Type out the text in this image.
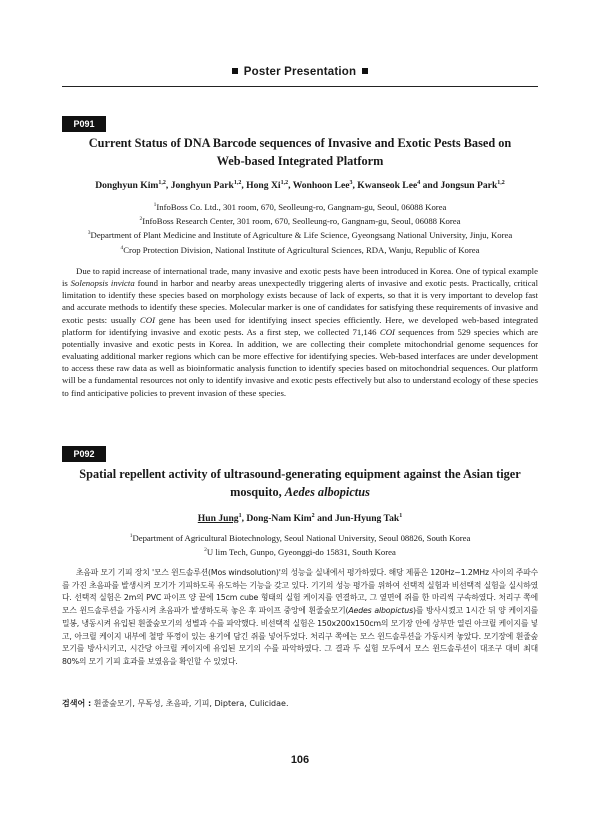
Poster Presentation
P091
Current Status of DNA Barcode sequences of Invasive and Exotic Pests Based on
Web-based Integrated Platform
Donghyun Kim$^{1,2}$, Jonghyun Park$^{1,2}$, Hong Xi$^{1,2}$, Wonhoon Lee$^3$, Kwanseok Lee$^4$ and Jongsun Park$^{1,2}$
$^1$InfoBoss Co. Ltd., 301 room, 670, Seolleung-ro, Gangnam-gu, Seoul, 06088 Korea
$^2$InfoBoss Research Center, 301 room, 670, Seolleung-ro, Gangnam-gu, Seoul, 06088 Korea
$^3$Department of Plant Medicine and Institute of Agriculture & Life Science, Gyeongsang National University, Jinju, Korea
$^4$Crop Protection Division, National Institute of Agricultural Sciences, RDA, Wanju, Republic of Korea

Due to rapid increase of international trade, many invasive and exotic pests have been introduced in Korea. One of typical example is Solenopsis invicta found in harbor and nearby areas unexpectedly triggering alerts of invasive and exotic pests. Practically, critical limitation to identify these species based on morphology exists because of lack of experts, so that it is very important to develop fast and accurate methods to identify these species. Molecular marker is one of candidates for satisfying these requirements of invasive and exotic pests: usually COI gene has been used for identifying insect species efficiently. Here, we developed web-based integrated platform for identifying invasive and exotic pests. As a first step, we collected 71,146 COI sequences from 529 species which are potentially invasive and exotic pests in Korea. In addition, we are collecting their complete mitochondrial genome sequences for evaluating additional marker regions which can be more effective for identifying species. Web-based interfaces are under development to access these raw data as well as bioinformatic analysis function to identify species based on mitochondrial sequences. Our platform will be a fundamental resources not only to identify invasive and exotic pests effectively but also to understand ecology of these species to find anticipative policies to prevent invasion of these species.

P092
Spatial repellent activity of ultrasound-generating equipment against the Asian tiger
mosquito, Aedes albopictus
Hun Jung$^1$, Dong-Nam Kim$^2$ and Jun-Hyung Tak$^1$
$^1$Department of Agricultural Biotechnology, Seoul National University, Seoul 08826, South Korea
$^2$U lim Tech, Gunpo, Gyeonggi-do 15831, South Korea

초음파 모기 기피 장치 '모스 윈드솔루션(Mos windsolution)'의 성능을 실내에서 평가하였다. 해당 제품은 120Hz~1.2MHz 사이의 주파수를 가진 초음파를 발생시켜 모기가 기피하도록 유도하는 기능을 갖고 있다. 기기의 성능 평가를 위하여 선택적 실험과 비선택적 실험을 실시하였다. 선택적 실험은 2m의 PVC 파이프 양 끝에 15cm cube 형태의 실험 케이지를 연결하고, 그 옆면에 쥐를 한 마리씩 구속하였다. 처리구 쪽에 모스 윈드솔루션을 가동시켜 초음파가 발생하도록 놓은 후 파이프 중앙에 흰줄숲모기(Aedes albopictus)를 방사시켰고 1시간 뒤 양 케이지를 밀봉, 냉동시켜 유입된 흰줄숲모기의 성별과 수를 파악했다. 비선택적 실험은 150x200x150cm의 모기장 안에 상부만 열린 아크릴 케이지를 넣고, 아크릴 케이지 내부에 철망 뚜껑이 있는 용기에 담긴 쥐를 넣어두었다. 처리구 쪽에는 모스 윈드솔루션을 가동시켜 놓았다. 모기장에 흰줄숲모기를 방사시키고, 시간당 아크릴 케이지에 유입된 모기의 수를 파악하였다. 그 결과 두 실험 모두에서 모스 윈드솔루션이 대조구 대비 최대 80%의 모기 기피 효과를 보였음을 확인할 수 있었다.

검색어 : 흰줄숲모기, 무독성, 초음파, 기피, Diptera, Culicidae.
106
